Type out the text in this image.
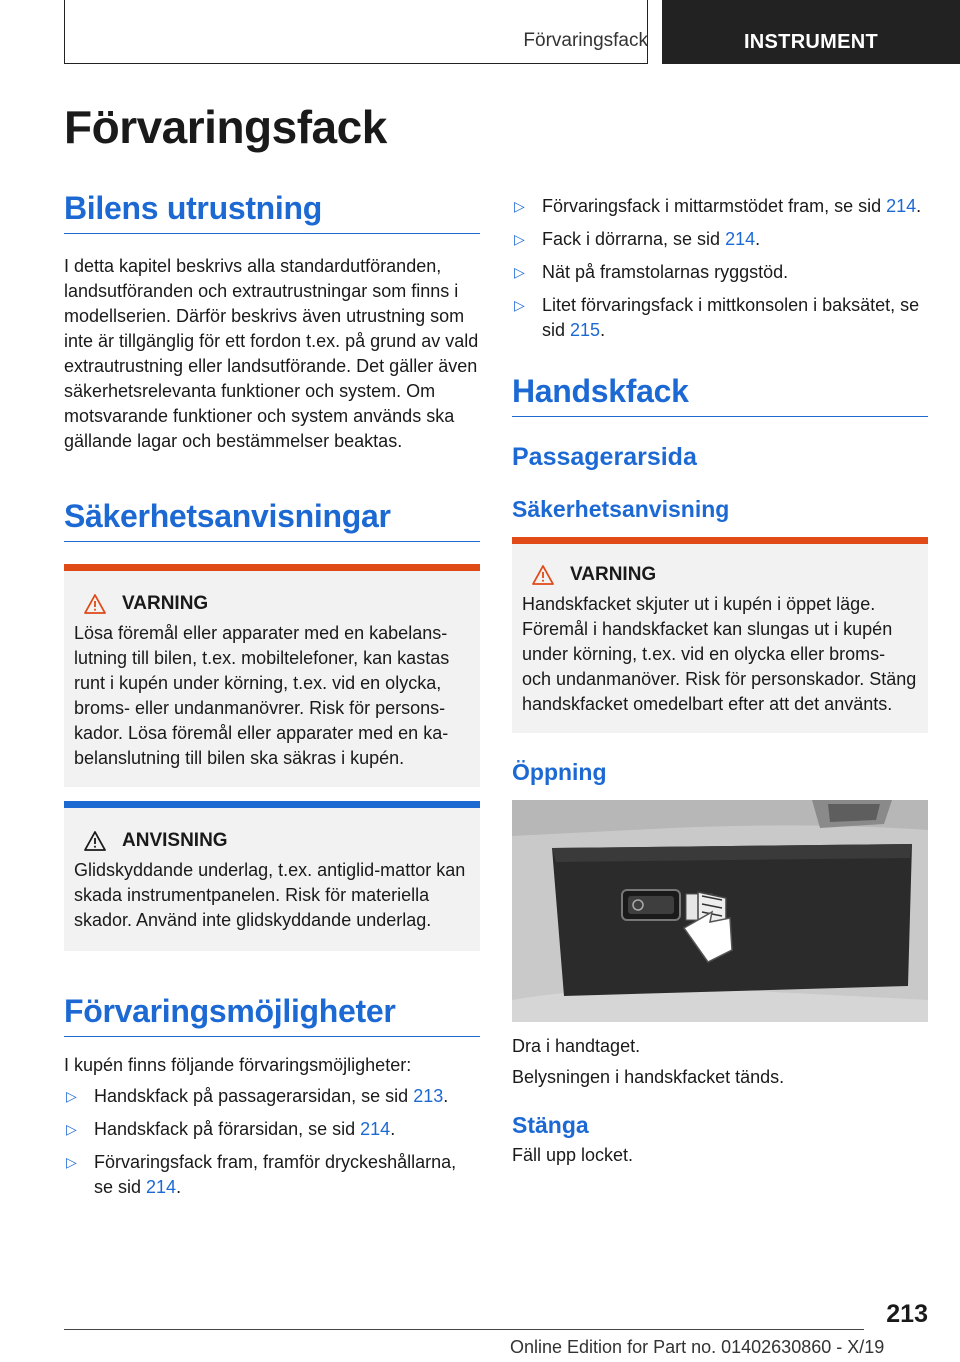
Förvaringsfack	INSTRUMENT
Förvaringsfack
Bilens utrustning

I detta kapitel beskrivs alla standardutföranden, landsutföranden och extrautrustningar som finns i modellserien. Därför beskrivs även utrustning som inte är tillgänglig för ett fordon t.ex. på grund av vald extrautrustning eller landsutförande. Det gäller även säkerhetsrelevanta funktioner och system. Om motsvarande funktioner och system används ska gällande lagar och bestämmelser beaktas.

Säkerhetsanvisningar
VARNING

Lösa föremål eller apparater med en kabelanslutning till bilen, t.ex. mobiltelefoner, kan kastas runt i kupén under körning, t.ex. vid en olycka, broms- eller undanmanövrer. Risk för personskador. Lösa föremål eller apparater med en kabelanslutning till bilen ska säkras i kupén.

ANVISNING

Glidskyddande underlag, t.ex. antiglid-mattor kan skada instrumentpanelen. Risk för materiella skador. Använd inte glidskyddande underlag.

Förvaringsmöjligheter

I kupén finns följande förvaringsmöjligheter:

▷ Handskfack på passagerarsidan, se sid 213.
▷ Handskfack på förarsidan, se sid 214.
▷ Förvaringsfack fram, framför dryckeshållarna, se sid 214.
▷ Förvaringsfack i mittarmstödet fram, se sid 214.
▷ Fack i dörrarna, se sid 214.
▷ Nät på framstolarnas ryggstöd.
▷ Litet förvaringsfack i mittkonsolen i baksätet, se sid 215.
Handskfack
Passagerarsida
Säkerhetsanvisning
VARNING

Handskfacket skjuter ut i kupén i öppet läge. Föremål i handskfacket kan slungas ut i kupén under körning, t.ex. vid en olycka eller broms- och undanmanöver. Risk för personskador. Stäng handskfacket omedelbart efter att det använts.

Öppning

Dra i handtaget.

Belysningen i handskfacket tänds.

Stänga

Fäll upp locket.

213
Online Edition for Part no. 01402630860 - X/19
